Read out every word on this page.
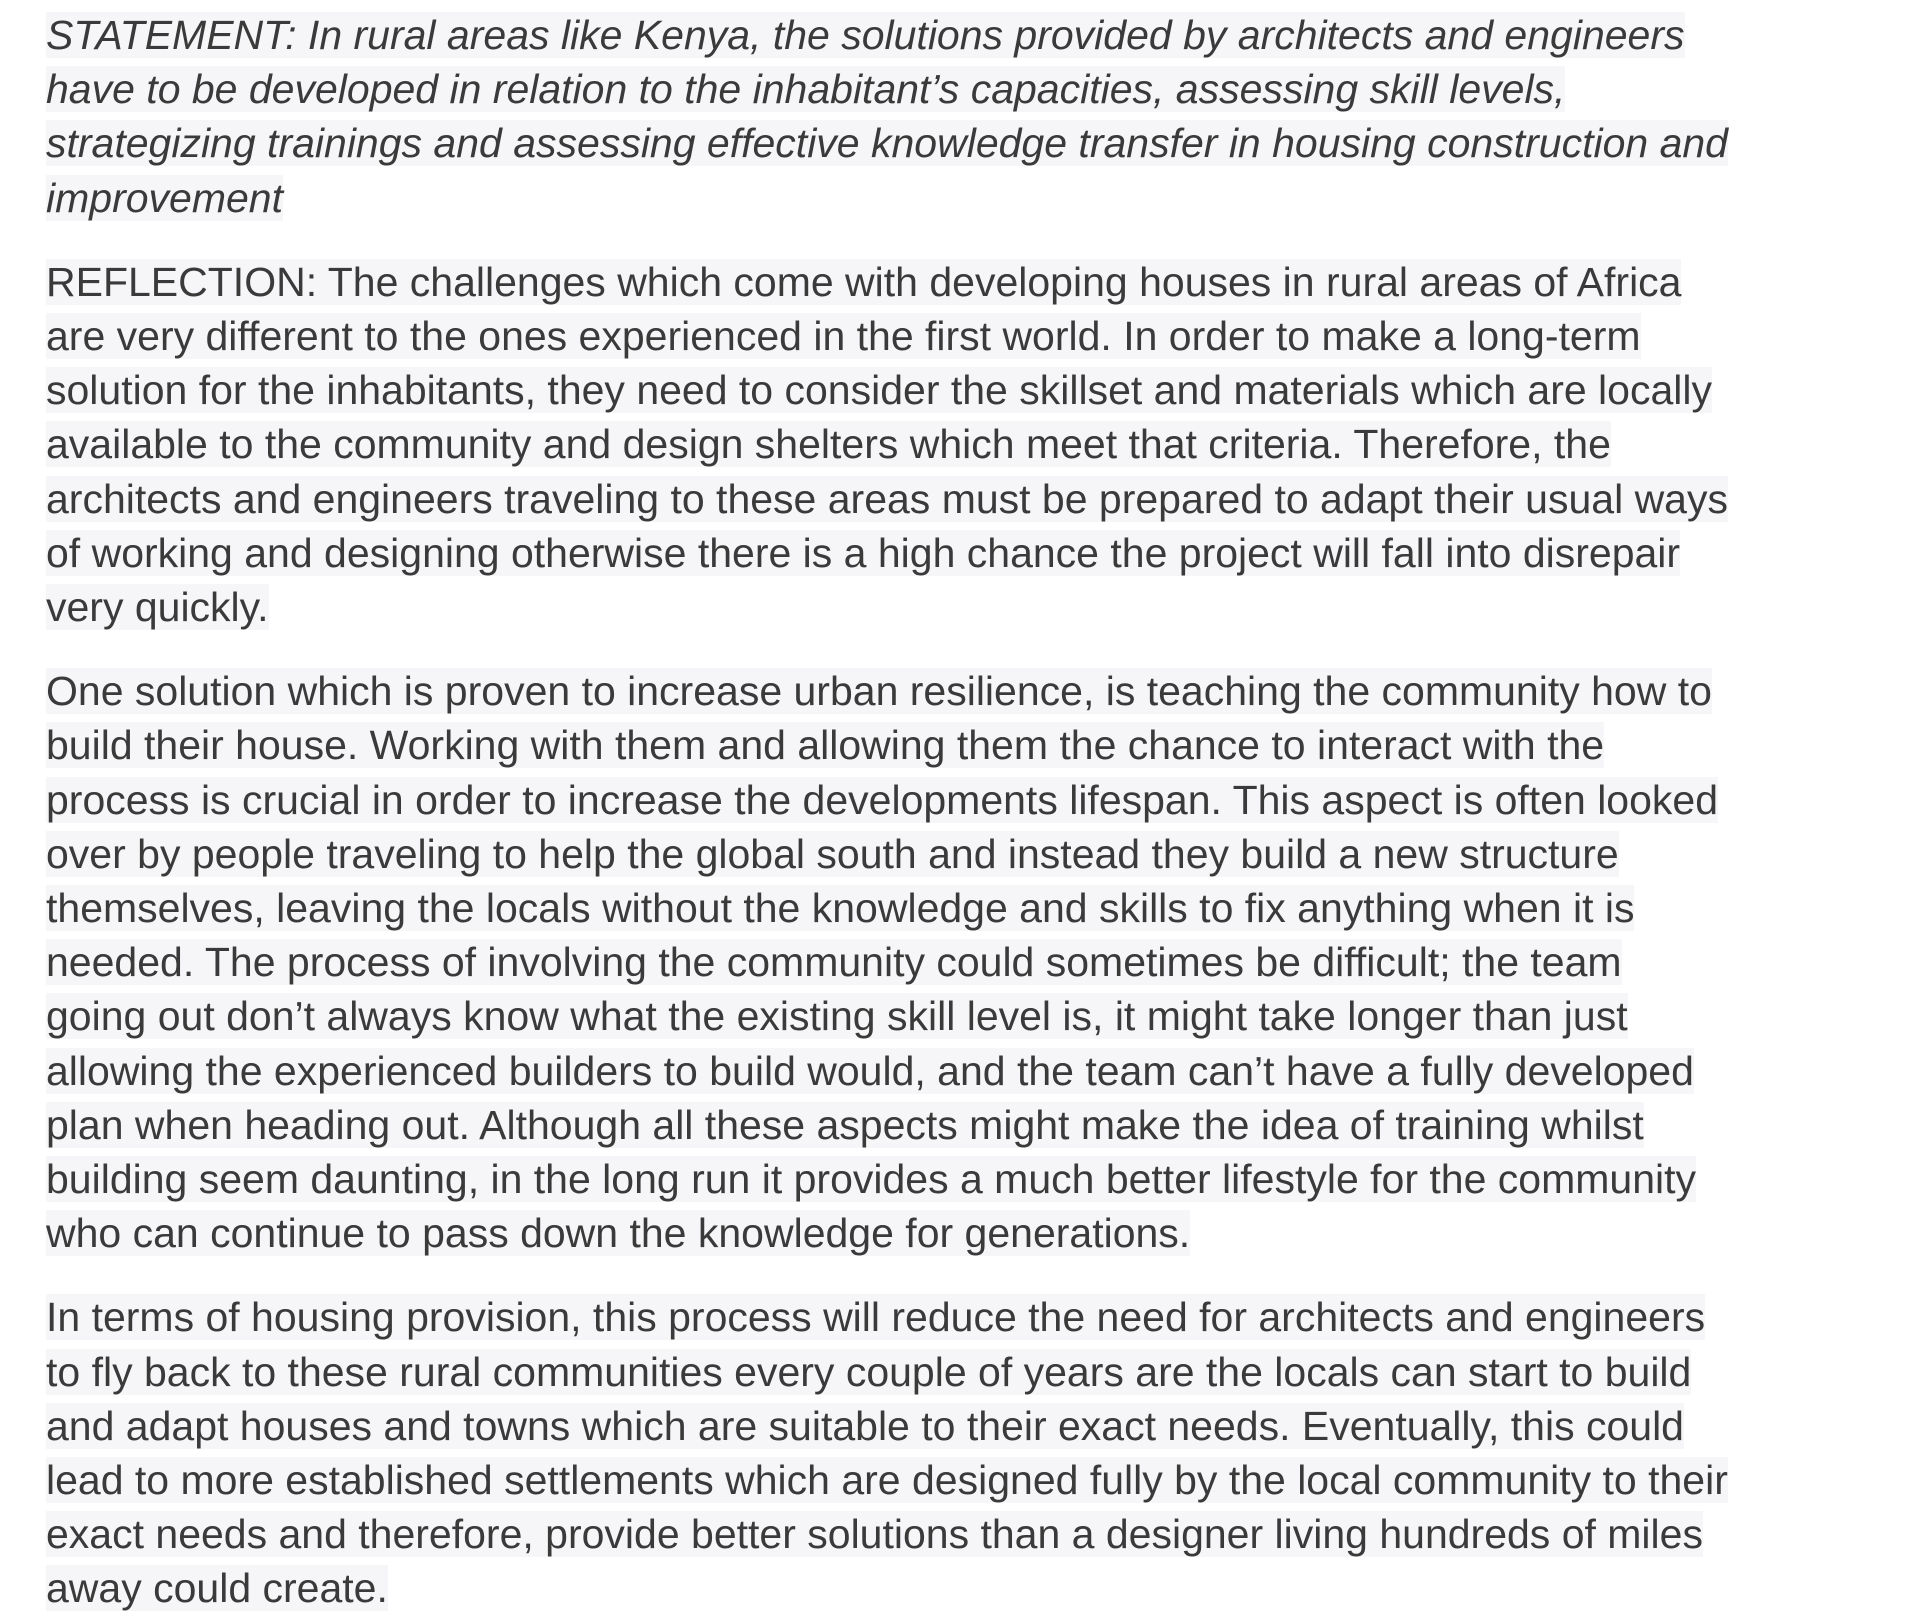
STATEMENT: In rural areas like Kenya, the solutions provided by architects and engineers
have to be developed in relation to the inhabitant’s capacities, assessing skill levels,
strategizing trainings and assessing effective knowledge transfer in housing construction and
improvement

REFLECTION: The challenges which come with developing houses in rural areas of Africa
are very different to the ones experienced in the first world. In order to make a long-term
solution for the inhabitants, they need to consider the skillset and materials which are locally
available to the community and design shelters which meet that criteria. Therefore, the
architects and engineers traveling to these areas must be prepared to adapt their usual ways
of working and designing otherwise there is a high chance the project will fall into disrepair
very quickly.

One solution which is proven to increase urban resilience, is teaching the community how to
build their house. Working with them and allowing them the chance to interact with the
process is crucial in order to increase the developments lifespan. This aspect is often looked
over by people traveling to help the global south and instead they build a new structure
themselves, leaving the locals without the knowledge and skills to fix anything when it is
needed. The process of involving the community could sometimes be difficult; the team
going out don’t always know what the existing skill level is, it might take longer than just
allowing the experienced builders to build would, and the team can’t have a fully developed
plan when heading out. Although all these aspects might make the idea of training whilst
building seem daunting, in the long run it provides a much better lifestyle for the community
who can continue to pass down the knowledge for generations.

In terms of housing provision, this process will reduce the need for architects and engineers
to fly back to these rural communities every couple of years are the locals can start to build
and adapt houses and towns which are suitable to their exact needs. Eventually, this could
lead to more established settlements which are designed fully by the local community to their
exact needs and therefore, provide better solutions than a designer living hundreds of miles
away could create.
